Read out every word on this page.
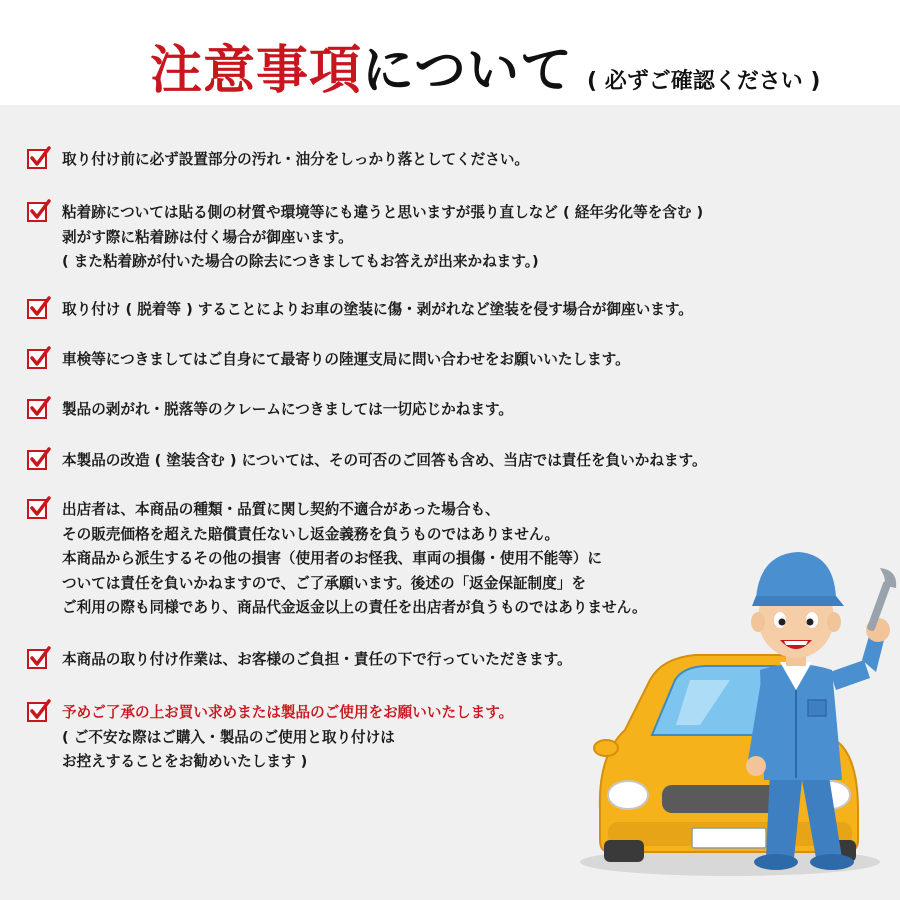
注意事項 について ( 必ずご確認ください )
取り付け前に必ず設置部分の汚れ・油分をしっかり落としてください。
粘着跡については貼る側の材質や環境等にも違うと思いますが張り直しなど ( 経年劣化等を含む )
剥がす際に粘着跡は付く場合が御座います。
( また粘着跡が付いた場合の除去につきましてもお答えが出来かねます。)
取り付け ( 脱着等 ) することによりお車の塗装に傷・剥がれなど塗装を侵す場合が御座います。
車検等につきましてはご自身にて最寄りの陸運支局に問い合わせをお願いいたします。
製品の剥がれ・脱落等のクレームにつきましては一切応じかねます。
本製品の改造 ( 塗装含む ) については、その可否のご回答も含め、当店では責任を負いかねます。
出店者は、本商品の種類・品質に関し契約不適合があった場合も、
その販売価格を超えた賠償責任ないし返金義務を負うものではありません。
本商品から派生するその他の損害（使用者のお怪我、車両の損傷・使用不能等）に
ついては責任を負いかねますので、ご了承願います。後述の「返金保証制度」を
ご利用の際も同様であり、商品代金返金以上の責任を出店者が負うものではありません。
本商品の取り付け作業は、お客様のご負担・責任の下で行っていただきます。
予めご了承の上お買い求めまたは製品のご使用をお願いいたします。
( ご不安な際はご購入・製品のご使用と取り付けは
お控えすることをお勧めいたします )
